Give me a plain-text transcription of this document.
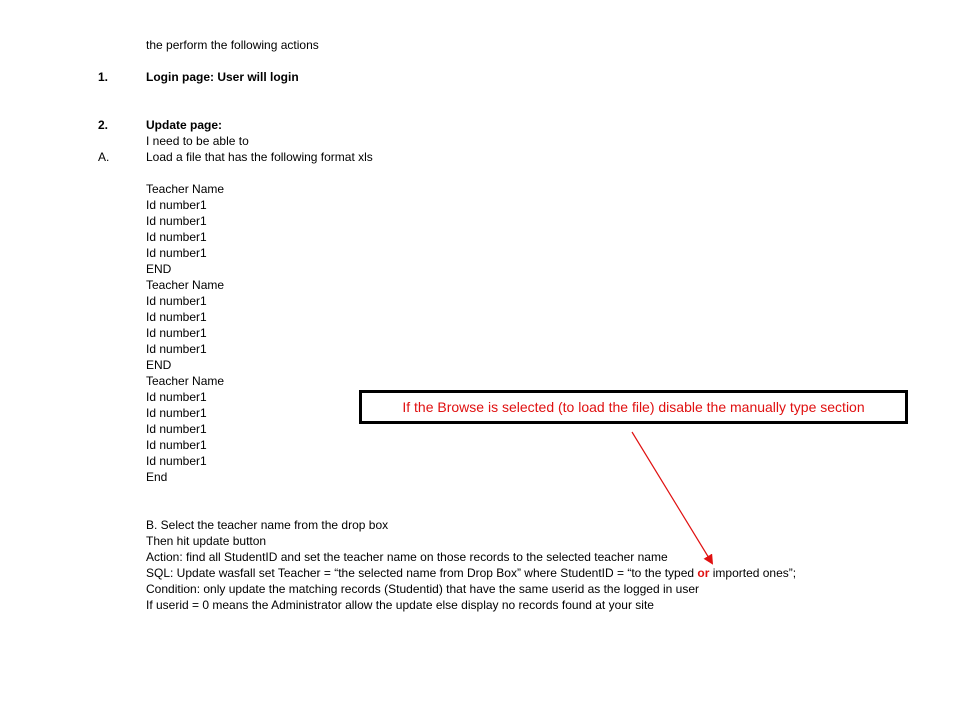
the perform the following actions
1.	Login page: User will login
2.	Update page:
I need to be able to
A.	Load a file that has the following format xls
Teacher Name
Id number1
Id number1
Id number1
Id number1
END
Teacher Name
Id number1
Id number1
Id number1
Id number1
END
Teacher Name
Id number1
Id number1
Id number1
Id number1
Id number1
End
B. Select the teacher name from the drop box
Then hit update button
Action: find all StudentID and set the teacher name on those records to the selected teacher name
SQL: Update wasfall set Teacher = “the selected name from Drop Box” where StudentID = “to the typed or imported ones”;
Condition: only update the matching records (Studentid) that have the same userid as the logged in user
If userid = 0 means the Administrator allow the update else display no records found at your site
If the Browse is selected (to load the file) disable the manually type section
